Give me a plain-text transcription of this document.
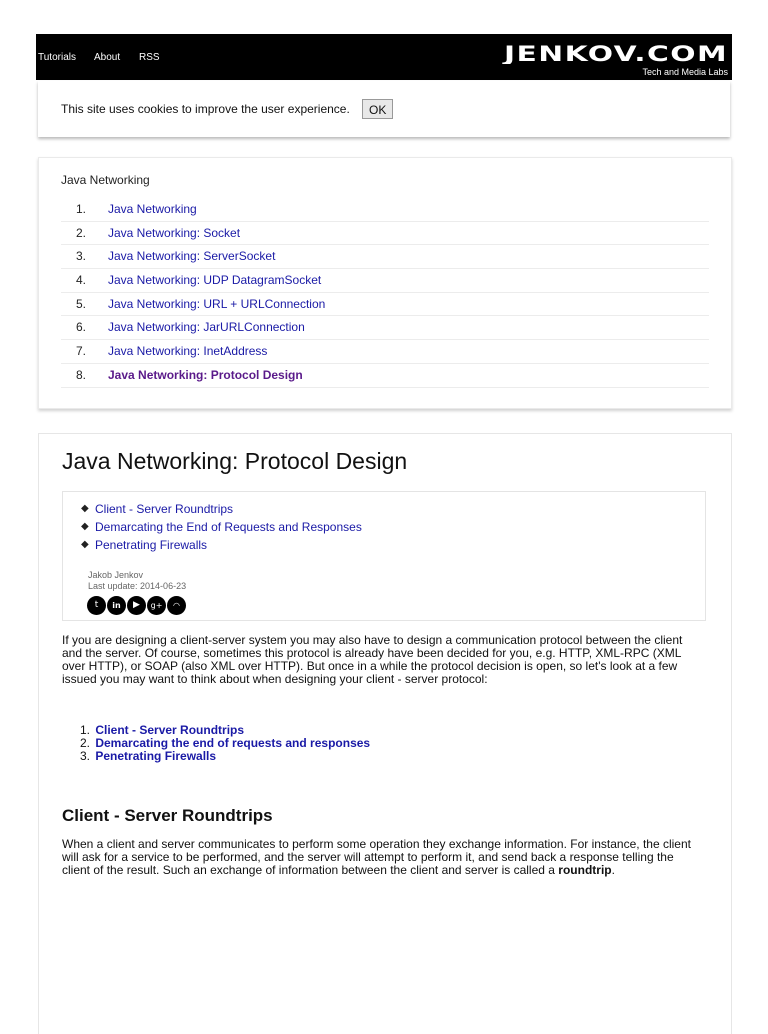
Tutorials About RSS	JENKOV.COM
Tech and Media Labs
This site uses cookies to improve the user experience.	OK
Java Networking
1. Java Networking
2. Java Networking: Socket
3. Java Networking: ServerSocket
4. Java Networking: UDP DatagramSocket
5. Java Networking: URL + URLConnection
6. Java Networking: JarURLConnection
7. Java Networking: InetAddress
8. Java Networking: Protocol Design
Java Networking: Protocol Design
◆ Client - Server Roundtrips
◆ Demarcating the End of Requests and Responses
◆ Penetrating Firewalls
Jakob Jenkov
Last update: 2014-06-23
t in ▶ g+ ◠

If you are designing a client-server system you may also have to design a communication protocol between the client and the server. Of course, sometimes this protocol is already have been decided for you, e.g. HTTP, XML-RPC (XML over HTTP), or SOAP (also XML over HTTP). But once in a while the protocol decision is open, so let's look at a few issued you may want to think about when designing your client - server protocol:

1. Client - Server Roundtrips
2. Demarcating the end of requests and responses
3. Penetrating Firewalls
Client - Server Roundtrips

When a client and server communicates to perform some operation they exchange information. For instance, the client will ask for a service to be performed, and the server will attempt to perform it, and send back a response telling the client of the result. Such an exchange of information between the client and server is called a roundtrip.
